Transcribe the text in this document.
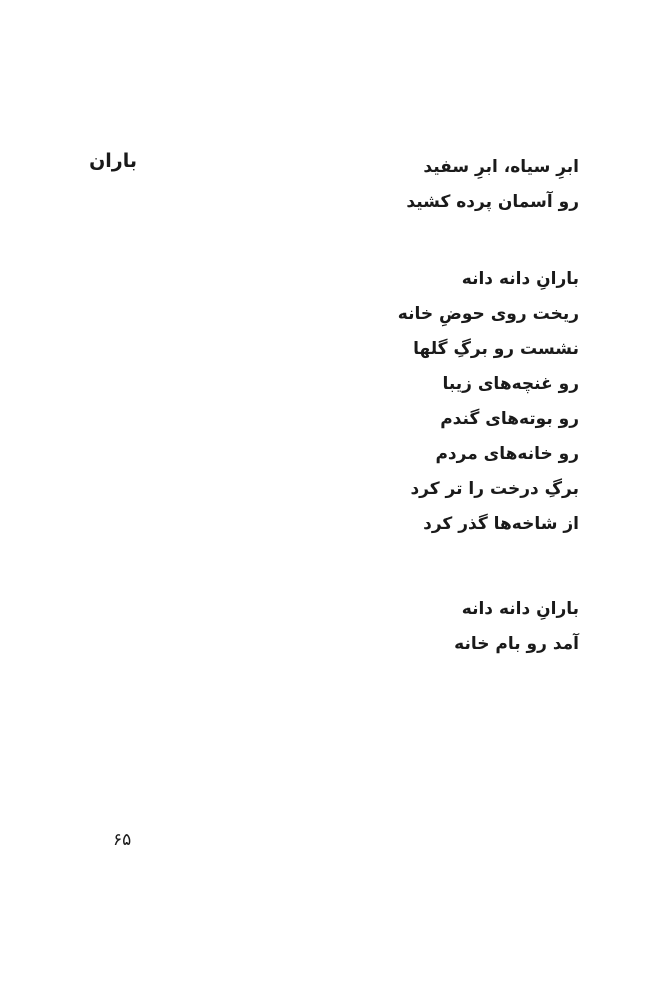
باران	ابرِ سیاه، ابرِ سفید
رو آسمان پرده کشید
بارانِ دانه دانه
ریخت روی حوضِ خانه
نشست رو برگِ گلها
رو غنچه‌های زیبا
رو بوته‌های گندم
رو خانه‌های مردم
برگِ درخت را تر کرد
از شاخه‌ها گذر کرد
بارانِ دانه دانه
آمد رو بام خانه
۶۵
